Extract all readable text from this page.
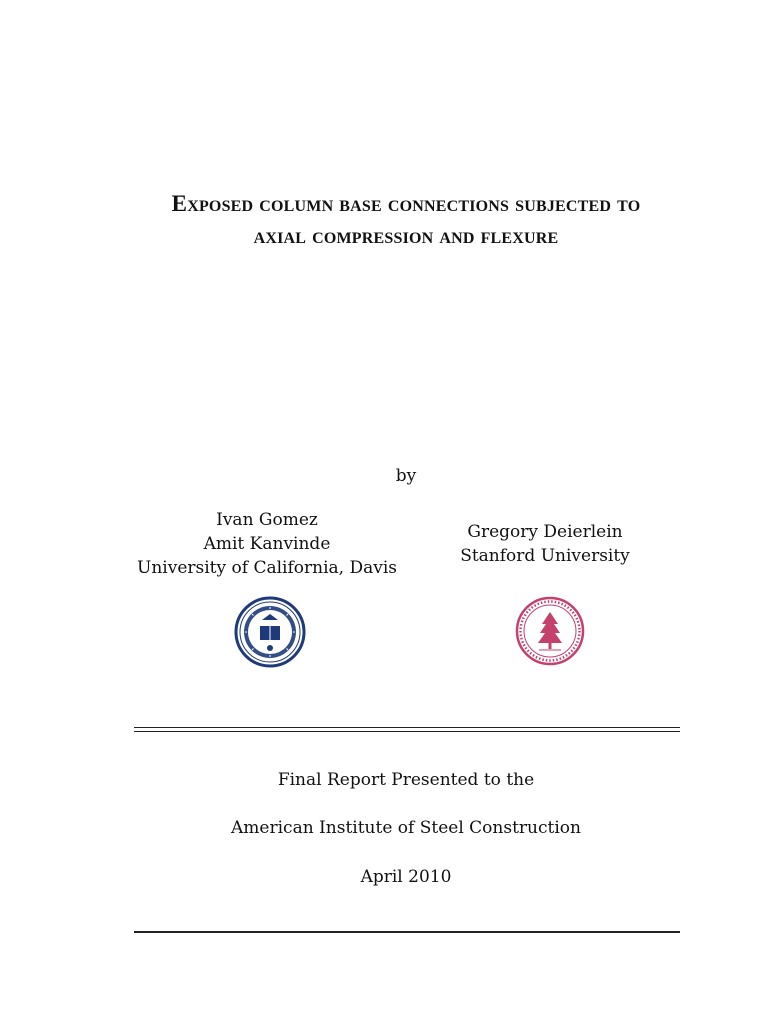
Exposed column base connections subjected to
axial compression and flexure
by
Ivan Gomez
Amit Kanvinde
University of California, Davis
Gregory Deierlein
Stanford University
Final Report Presented to the
American Institute of Steel Construction
April 2010
